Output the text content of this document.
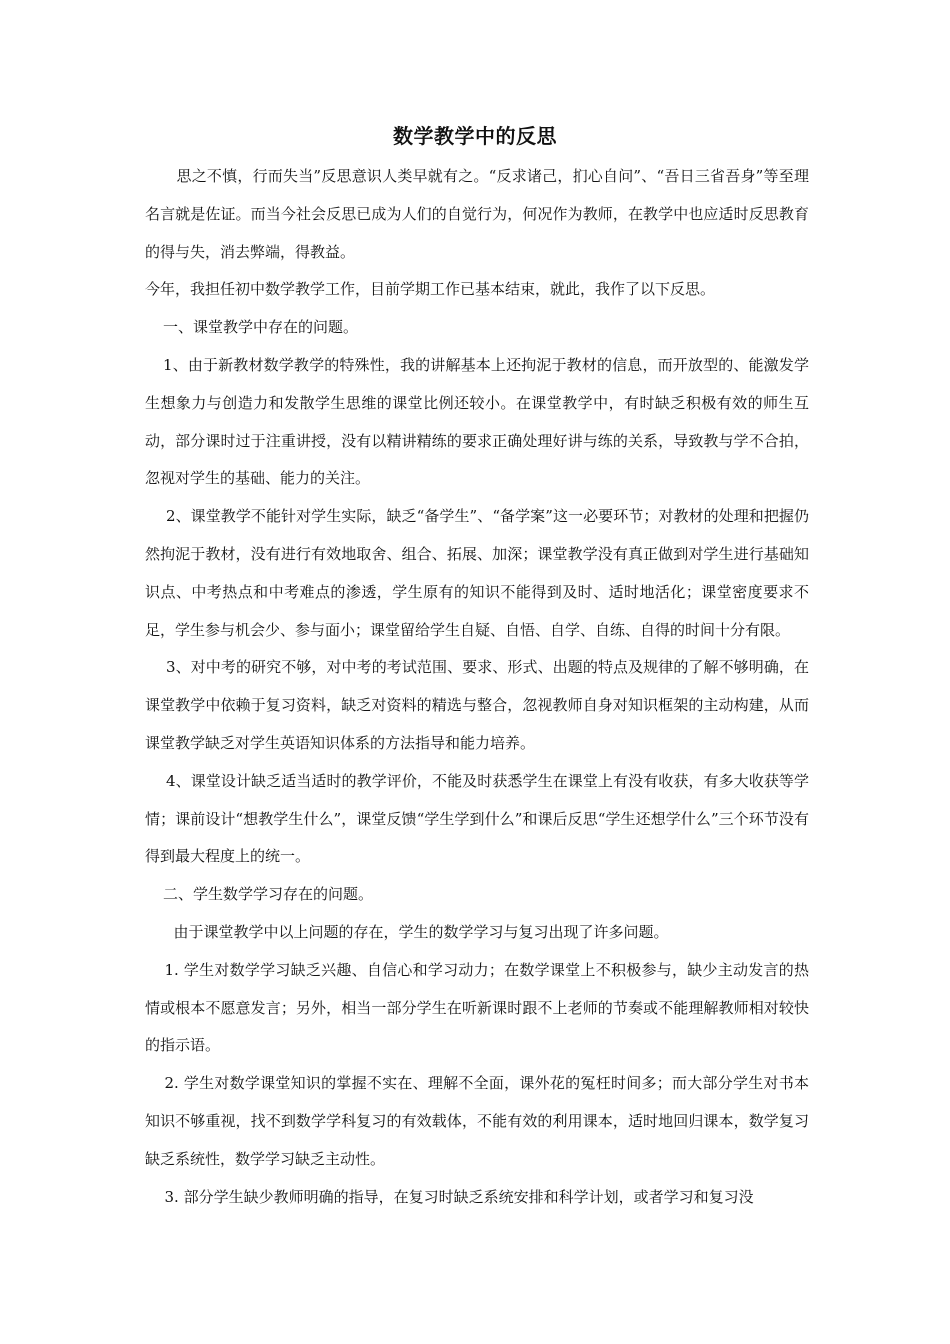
数学教学中的反思

思之不慎，行而失当”反思意识人类早就有之。“反求诸己，扪心自问”、“吾日三省吾身”等至理名言就是佐证。而当今社会反思已成为人们的自觉行为，何况作为教师，在教学中也应适时反思教育的得与失，消去弊端，得教益。

今年，我担任初中数学教学工作，目前学期工作已基本结束，就此，我作了以下反思。

一、课堂教学中存在的问题。

1、由于新教材数学教学的特殊性，我的讲解基本上还拘泥于教材的信息，而开放型的、能激发学生想象力与创造力和发散学生思维的课堂比例还较小。在课堂教学中，有时缺乏积极有效的师生互动，部分课时过于注重讲授，没有以精讲精练的要求正确处理好讲与练的关系，导致教与学不合拍，忽视对学生的基础、能力的关注。

2、课堂教学不能针对学生实际，缺乏“备学生”、“备学案”这一必要环节；对教材的处理和把握仍然拘泥于教材，没有进行有效地取舍、组合、拓展、加深；课堂教学没有真正做到对学生进行基础知识点、中考热点和中考难点的渗透，学生原有的知识不能得到及时、适时地活化；课堂密度要求不足，学生参与机会少、参与面小；课堂留给学生自疑、自悟、自学、自练、自得的时间十分有限。

3、对中考的研究不够，对中考的考试范围、要求、形式、出题的特点及规律的了解不够明确，在课堂教学中依赖于复习资料，缺乏对资料的精选与整合，忽视教师自身对知识框架的主动构建，从而课堂教学缺乏对学生英语知识体系的方法指导和能力培养。

4、课堂设计缺乏适当适时的教学评价，不能及时获悉学生在课堂上有没有收获，有多大收获等学情；课前设计“想教学生什么”，课堂反馈“学生学到什么”和课后反思“学生还想学什么”三个环节没有得到最大程度上的统一。

二、学生数学学习存在的问题。

由于课堂教学中以上问题的存在，学生的数学学习与复习出现了许多问题。

1. 学生对数学学习缺乏兴趣、自信心和学习动力；在数学课堂上不积极参与，缺少主动发言的热情或根本不愿意发言；另外，相当一部分学生在听新课时跟不上老师的节奏或不能理解教师相对较快的指示语。

2. 学生对数学课堂知识的掌握不实在、理解不全面，课外花的冤枉时间多；而大部分学生对书本知识不够重视，找不到数学学科复习的有效载体，不能有效的利用课本，适时地回归课本，数学复习缺乏系统性，数学学习缺乏主动性。

3. 部分学生缺少教师明确的指导，在复习时缺乏系统安排和科学计划，或者学习和复习没
